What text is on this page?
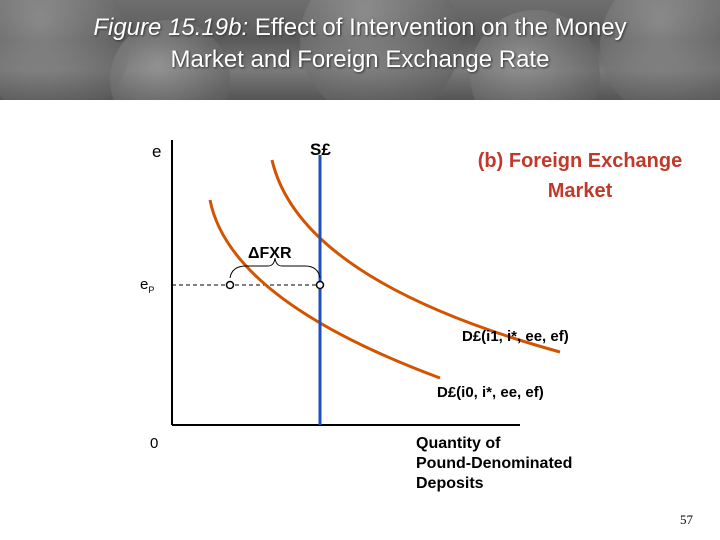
Figure 15.19b: Effect of Intervention on the Money
Market and Foreign Exchange Rate
e	S£
(b) Foreign Exchange
Market
ΔFXR
$e_P$
D£(i1, i*, ee, ef)
D£(i0, i*, ee, ef)
0	Quantity of
Pound-Denominated
Deposits
57
